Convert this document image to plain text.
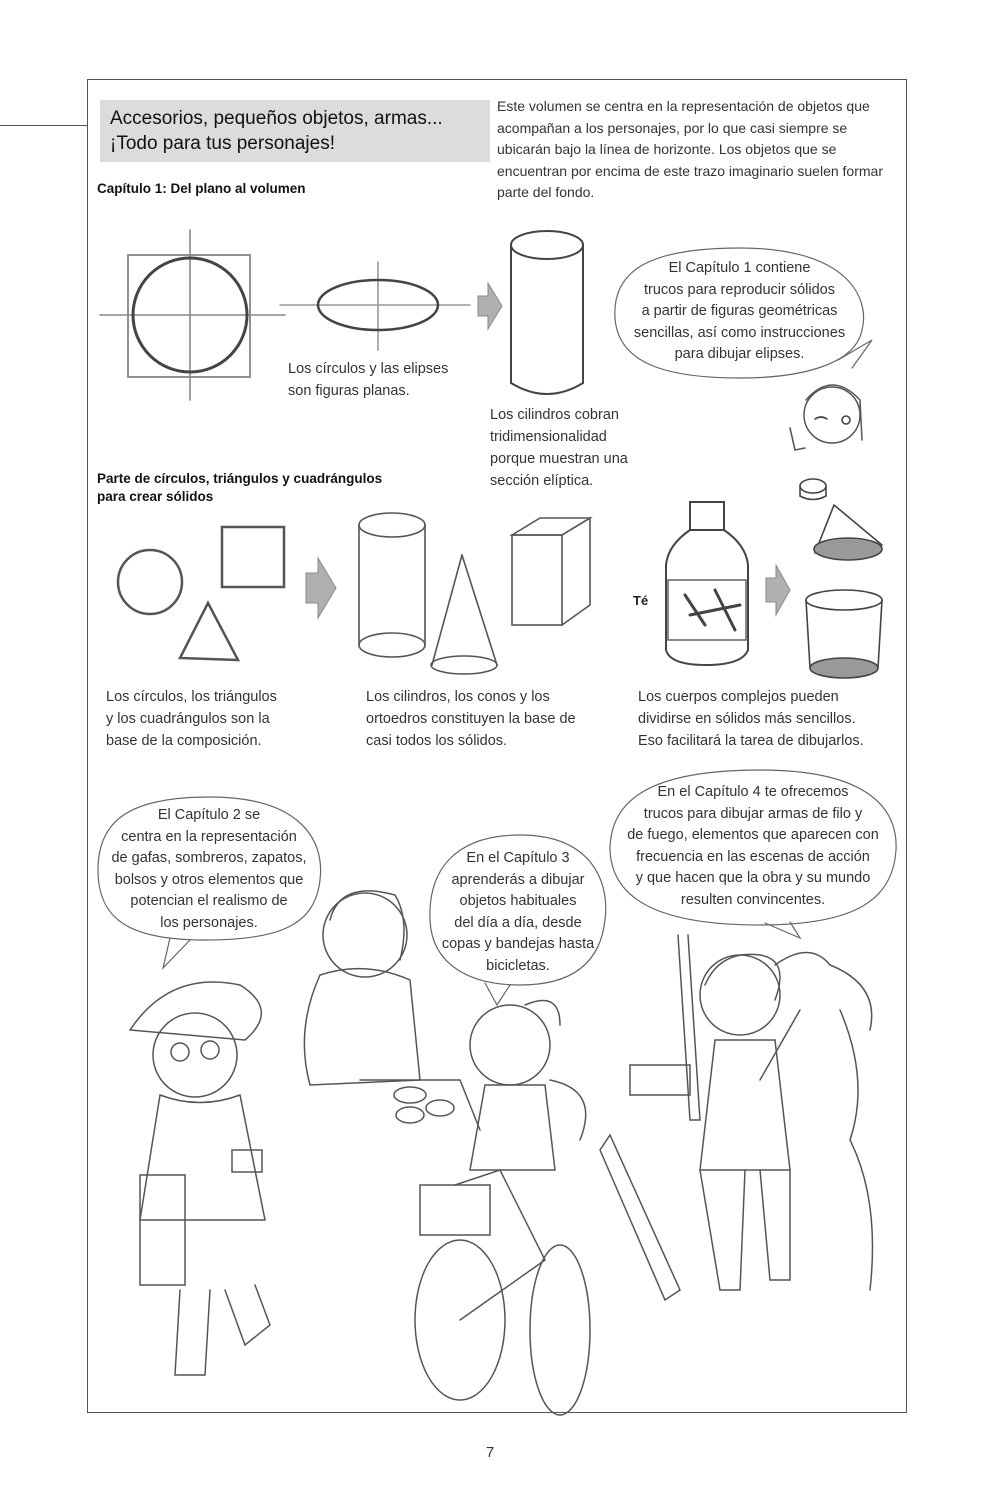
Accesorios, pequeños objetos, armas...
¡Todo para tus personajes!
Este volumen se centra en la representación de objetos que acompañan a los personajes, por lo que casi siempre se ubicarán bajo la línea de horizonte. Los objetos que se encuentran por encima de este trazo imaginario suelen formar parte del fondo.
Capítulo 1: Del plano al volumen
Parte de círculos, triángulos y cuadrángulos
para crear sólidos
Té
Los círculos y las elipses
son figuras planas.
Los cilindros cobran
tridimensionalidad
porque muestran una
sección elíptica.
Los círculos, los triángulos
y los cuadrángulos son la
base de la composición.
Los cilindros, los conos y los
ortoedros constituyen la base de
casi todos los sólidos.
Los cuerpos complejos pueden
dividirse en sólidos más sencillos.
Eso facilitará la tarea de dibujarlos.
El Capítulo 1 contiene
trucos para reproducir sólidos
a partir de figuras geométricas
sencillas, así como instrucciones
para dibujar elipses.
El Capítulo 2 se
centra en la representación
de gafas, sombreros, zapatos,
bolsos y otros elementos que
potencian el realismo de
los personajes.
En el Capítulo 3
aprenderás a dibujar
objetos habituales
del día a día, desde
copas y bandejas hasta
bicicletas.
En el Capítulo 4 te ofrecemos
trucos para dibujar armas de filo y
de fuego, elementos que aparecen con
frecuencia en las escenas de acción
y que hacen que la obra y su mundo
resulten convincentes.
7
